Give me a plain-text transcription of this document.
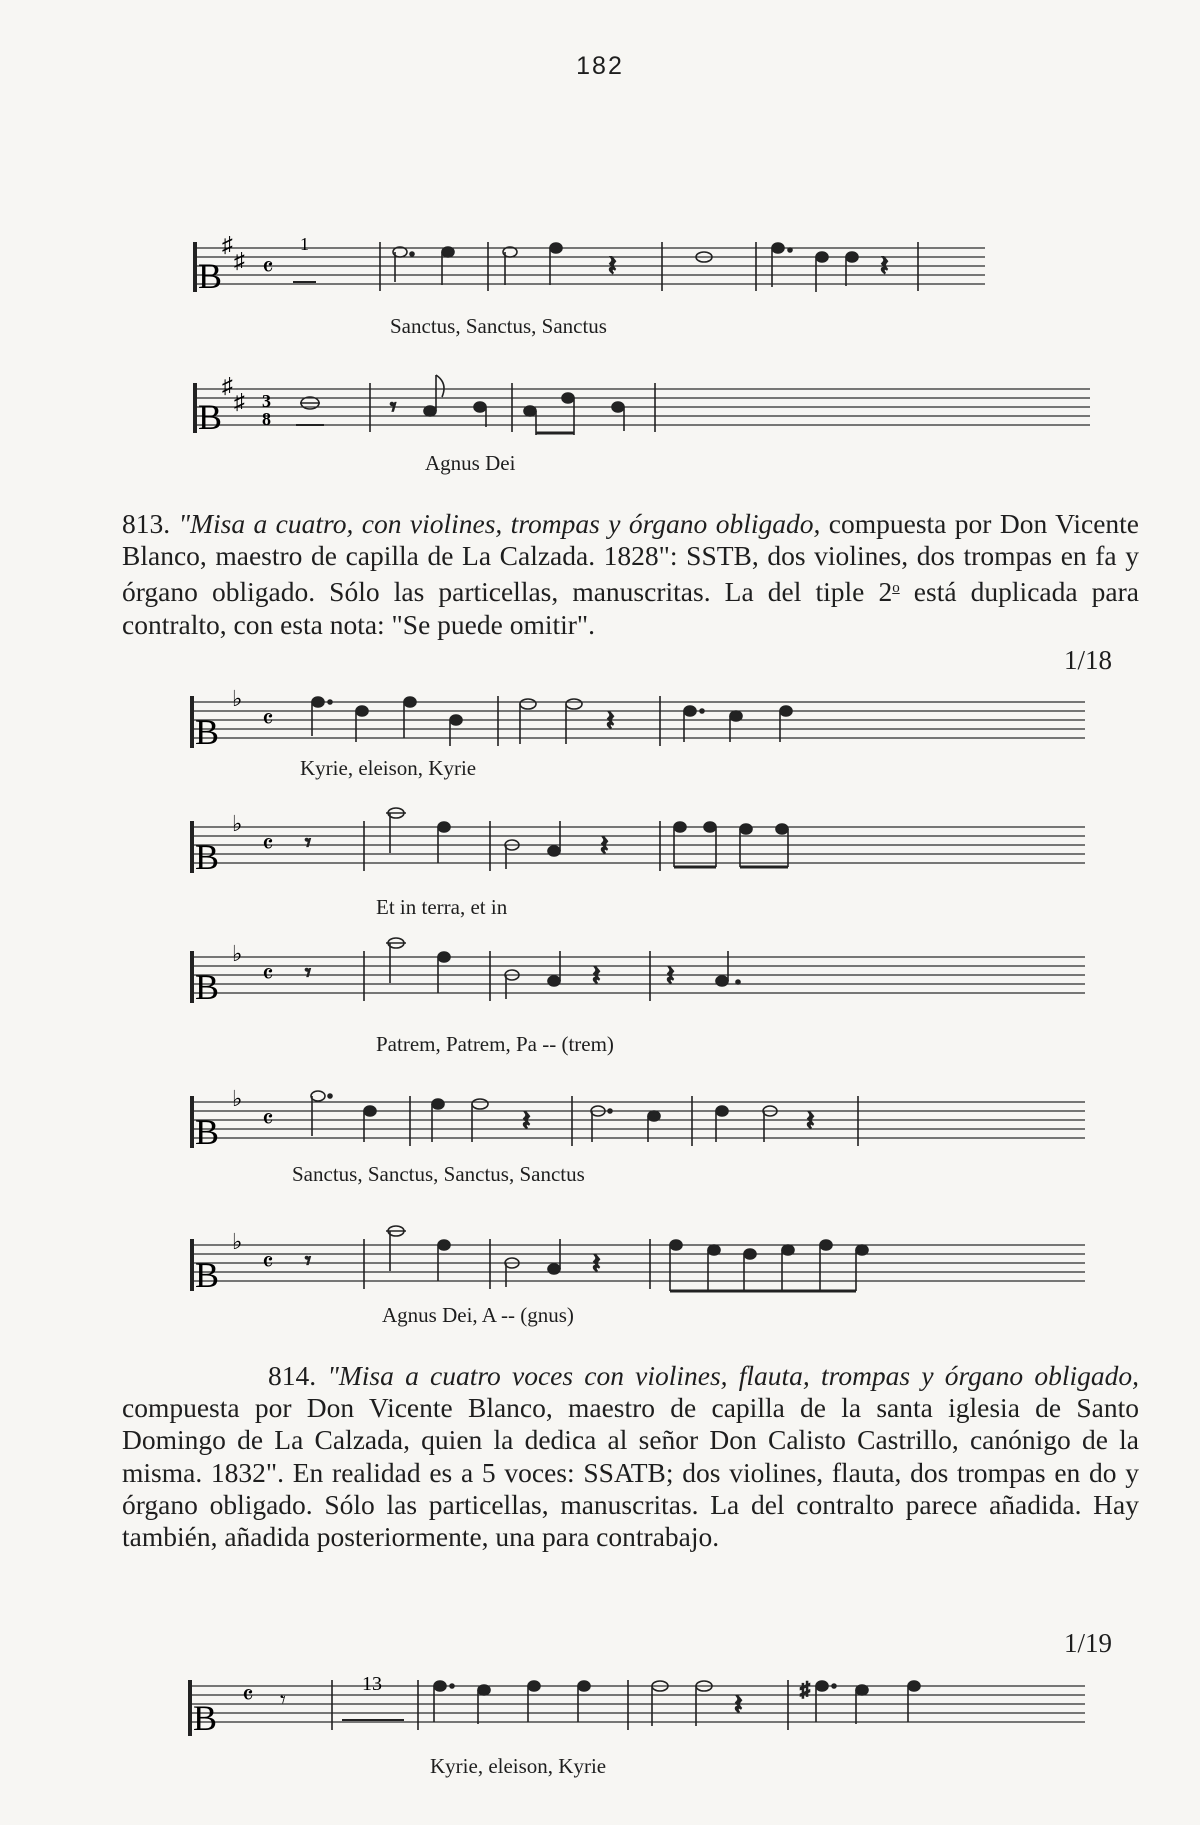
182
B
♯
♯ 𝄴
1
𝄽	𝄽
Sanctus, Sanctus, Sanctus
B
♯
♯ 3
8	𝄾
Agnus Dei

813. "Misa a cuatro, con violines, trompas y órgano obligado, compuesta por Don Vicente Blanco, maestro de capilla de La Calzada. 1828": SSTB, dos violines, dos trompas en fa y órgano obligado. Sólo las particellas, manuscritas. La del tiple 2$^o$ está duplicada para contralto, con esta nota: "Se puede omitir".

1/18
B
♭
𝄴	𝄽
Kyrie, eleison, Kyrie
B
♭
𝄴 𝄾	𝄽
Et in terra, et in
B
♭
𝄴 𝄾	𝄽 𝄽
Patrem, Patrem, Pa -- (trem)
B
♭
𝄴	𝄽	𝄽
Sanctus, Sanctus, Sanctus, Sanctus
B
♭
𝄴 𝄾	𝄽
Agnus Dei, A -- (gnus)

814. "Misa a cuatro voces con violines, flauta, trompas y órgano obligado, compuesta por Don Vicente Blanco, maestro de capilla de la santa iglesia de Santo Domingo de La Calzada, quien la dedica al señor Don Calisto Castrillo, canónigo de la misma. 1832". En realidad es a 5 voces: SSATB; dos violines, flauta, dos trompas en do y órgano obligado. Sólo las particellas, manuscritas. La del contralto parece añadida. Hay también, añadida posteriormente, una para contrabajo.

1/19
B
𝄴 𝄾
13
𝄽	♯
Kyrie, eleison, Kyrie
